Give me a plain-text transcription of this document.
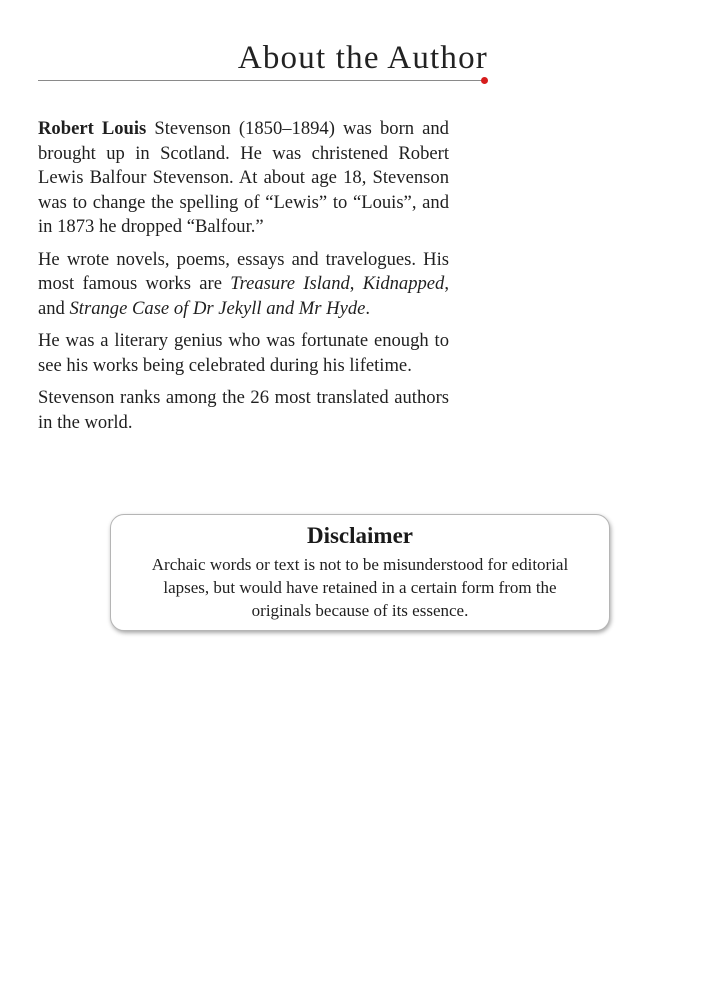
About the Author

Robert Louis Stevenson (1850–1894) was born and brought up in Scotland. He was christened Robert Lewis Balfour Stevenson. At about age 18, Stevenson was to change the spelling of “Lewis” to “Louis”, and in 1873 he dropped “Balfour.”

He wrote novels, poems, essays and travelogues. His most famous works are Treasure Island, Kidnapped, and Strange Case of Dr Jekyll and Mr Hyde.

He was a literary genius who was fortunate enough to see his works being celebrated during his lifetime.

Stevenson ranks among the 26 most translated authors in the world.

Disclaimer
Archaic words or text is not to be misunderstood for editorial
lapses, but would have retained in a certain form from the
originals because of its essence.
